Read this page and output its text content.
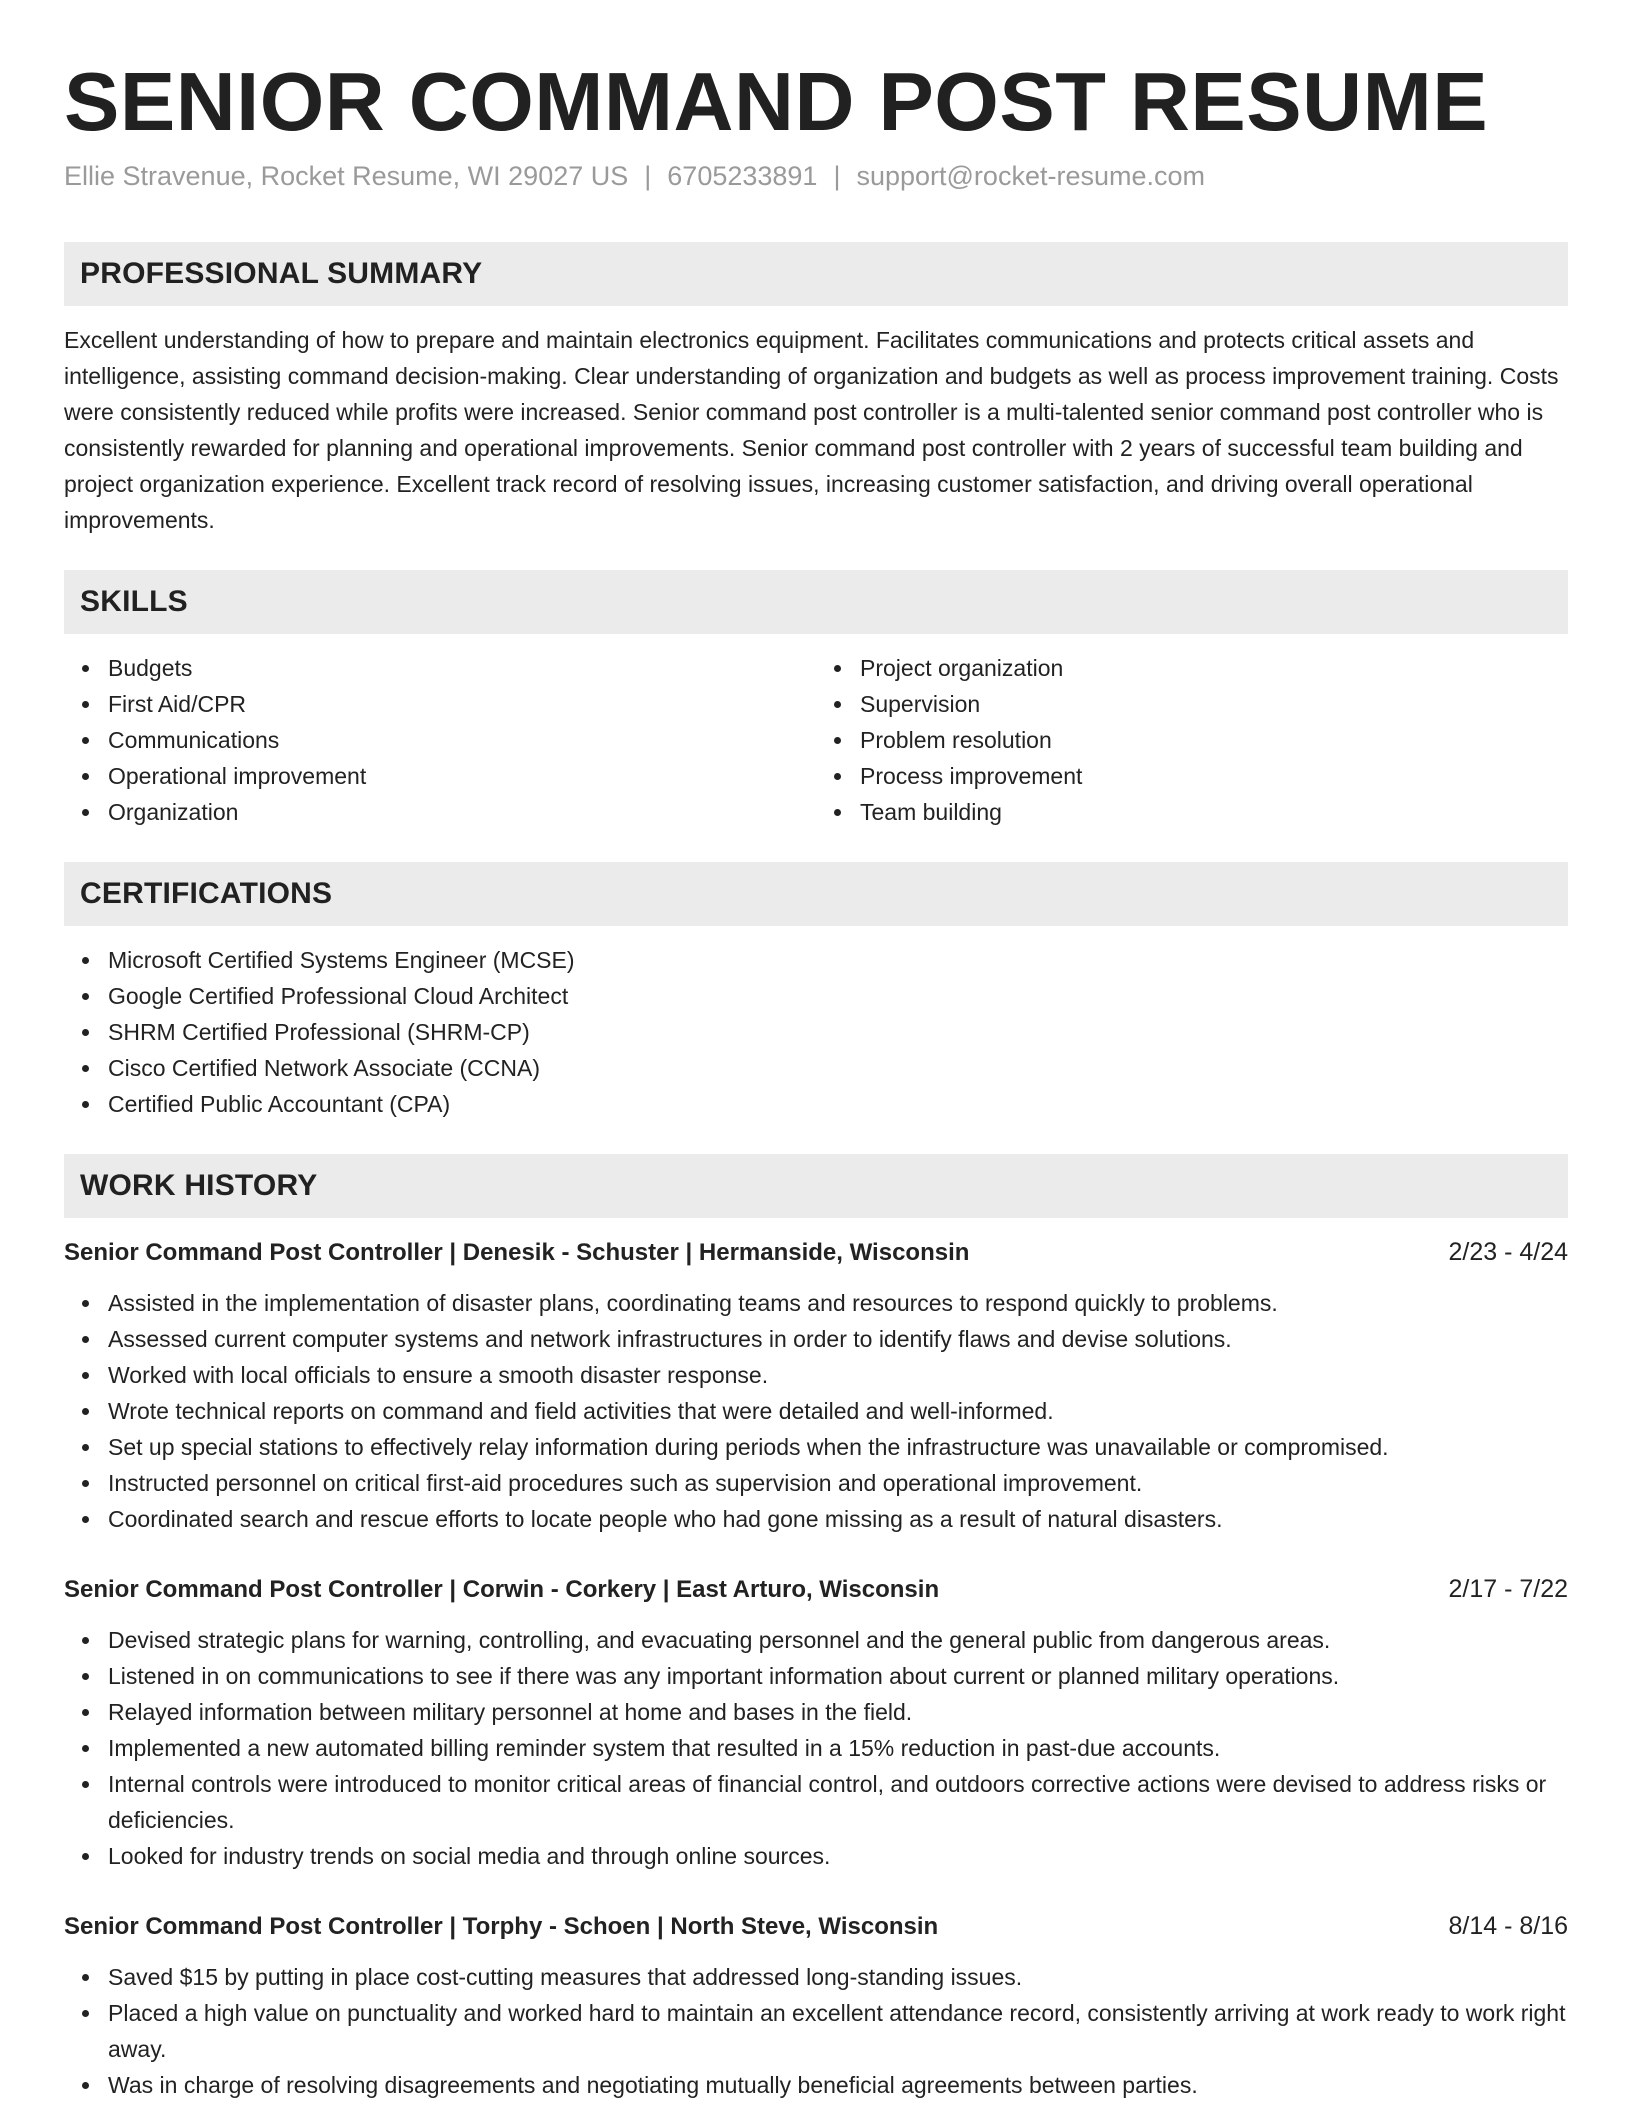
SENIOR COMMAND POST RESUME
Ellie Stravenue, Rocket Resume, WI 29027 US | 6705233891 | support@rocket-resume.com
PROFESSIONAL SUMMARY

Excellent understanding of how to prepare and maintain electronics equipment. Facilitates communications and protects critical assets and intelligence, assisting command decision-making. Clear understanding of organization and budgets as well as process improvement training. Costs were consistently reduced while profits were increased. Senior command post controller is a multi-talented senior command post controller who is consistently rewarded for planning and operational improvements. Senior command post controller with 2 years of successful team building and project organization experience. Excellent track record of resolving issues, increasing customer satisfaction, and driving overall operational improvements.

SKILLS
Budgets
First Aid/CPR
Communications
Operational improvement
Organization
Project organization
Supervision
Problem resolution
Process improvement
Team building
CERTIFICATIONS
Microsoft Certified Systems Engineer (MCSE)
Google Certified Professional Cloud Architect
SHRM Certified Professional (SHRM-CP)
Cisco Certified Network Associate (CCNA)
Certified Public Accountant (CPA)
WORK HISTORY
Senior Command Post Controller | Denesik - Schuster | Hermanside, Wisconsin	2/23 - 4/24
Assisted in the implementation of disaster plans, coordinating teams and resources to respond quickly to problems.
Assessed current computer systems and network infrastructures in order to identify flaws and devise solutions.
Worked with local officials to ensure a smooth disaster response.
Wrote technical reports on command and field activities that were detailed and well-informed.
Set up special stations to effectively relay information during periods when the infrastructure was unavailable or compromised.
Instructed personnel on critical first-aid procedures such as supervision and operational improvement.
Coordinated search and rescue efforts to locate people who had gone missing as a result of natural disasters.
Senior Command Post Controller | Corwin - Corkery | East Arturo, Wisconsin	2/17 - 7/22
Devised strategic plans for warning, controlling, and evacuating personnel and the general public from dangerous areas.
Listened in on communications to see if there was any important information about current or planned military operations.
Relayed information between military personnel at home and bases in the field.
Implemented a new automated billing reminder system that resulted in a 15% reduction in past-due accounts.
Internal controls were introduced to monitor critical areas of financial control, and outdoors corrective actions were devised to address risks or deficiencies.
Looked for industry trends on social media and through online sources.
Senior Command Post Controller | Torphy - Schoen | North Steve, Wisconsin	8/14 - 8/16
Saved $15 by putting in place cost-cutting measures that addressed long-standing issues.
Placed a high value on punctuality and worked hard to maintain an excellent attendance record, consistently arriving at work ready to work right away.
Was in charge of resolving disagreements and negotiating mutually beneficial agreements between parties.
